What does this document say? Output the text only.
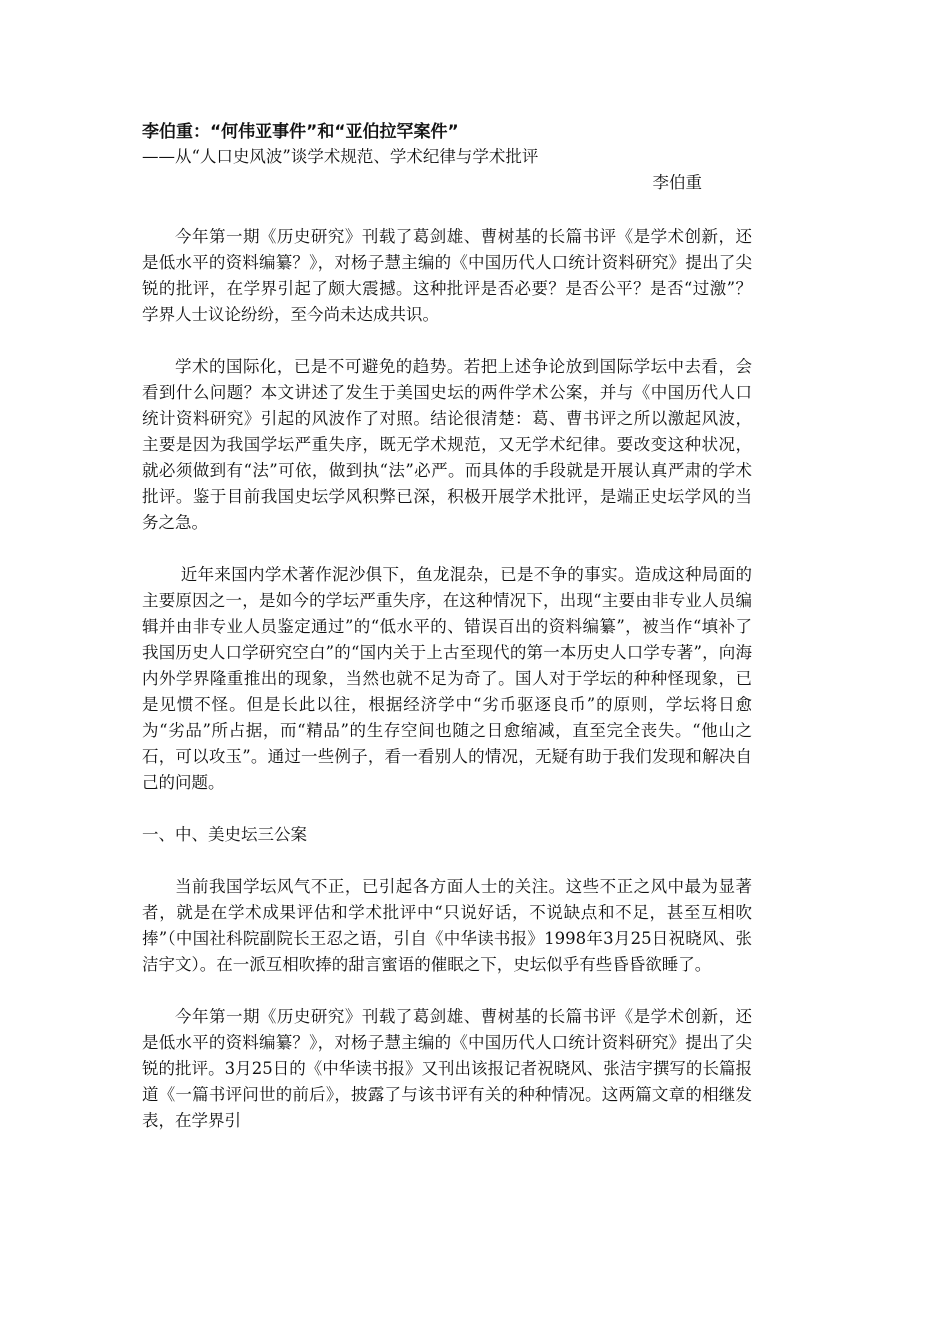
李伯重：“何伟亚事件”和“亚伯拉罕案件”

——从“人口史风波”谈学术规范、学术纪律与学术批评

李伯重

今年第一期《历史研究》刊载了葛剑雄、曹树基的长篇书评《是学术创新，还是低水平的资料编纂？》，对杨子慧主编的《中国历代人口统计资料研究》提出了尖锐的批评，在学界引起了颇大震撼。这种批评是否必要？是否公平？是否“过激”？学界人士议论纷纷，至今尚未达成共识。

学术的国际化，已是不可避免的趋势。若把上述争论放到国际学坛中去看，会看到什么问题？本文讲述了发生于美国史坛的两件学术公案，并与《中国历代人口统计资料研究》引起的风波作了对照。结论很清楚：葛、曹书评之所以激起风波，主要是因为我国学坛严重失序，既无学术规范，又无学术纪律。要改变这种状况，就必须做到有“法”可依，做到执“法”必严。而具体的手段就是开展认真严肃的学术批评。鉴于目前我国史坛学风积弊已深，积极开展学术批评，是端正史坛学风的当务之急。

近年来国内学术著作泥沙俱下，鱼龙混杂，已是不争的事实。造成这种局面的主要原因之一，是如今的学坛严重失序，在这种情况下，出现“主要由非专业人员编辑并由非专业人员鉴定通过”的“低水平的、错误百出的资料编纂”，被当作“填补了我国历史人口学研究空白”的“国内关于上古至现代的第一本历史人口学专著”，向海内外学界隆重推出的现象，当然也就不足为奇了。国人对于学坛的种种怪现象，已是见惯不怪。但是长此以往，根据经济学中“劣币驱逐良币”的原则，学坛将日愈为“劣品”所占据，而“精品”的生存空间也随之日愈缩减，直至完全丧失。“他山之石，可以攻玉”。通过一些例子，看一看别人的情况，无疑有助于我们发现和解决自己的问题。

一、中、美史坛三公案

当前我国学坛风气不正，已引起各方面人士的关注。这些不正之风中最为显著者，就是在学术成果评估和学术批评中“只说好话，不说缺点和不足，甚至互相吹捧”（中国社科院副院长王忍之语，引自《中华读书报》1998年3月25日祝晓风、张洁宇文）。在一派互相吹捧的甜言蜜语的催眠之下，史坛似乎有些昏昏欲睡了。

今年第一期《历史研究》刊载了葛剑雄、曹树基的长篇书评《是学术创新，还是低水平的资料编纂？》，对杨子慧主编的《中国历代人口统计资料研究》提出了尖锐的批评。3月25日的《中华读书报》又刊出该报记者祝晓风、张洁宇撰写的长篇报道《一篇书评问世的前后》，披露了与该书评有关的种种情况。这两篇文章的相继发表，在学界引
